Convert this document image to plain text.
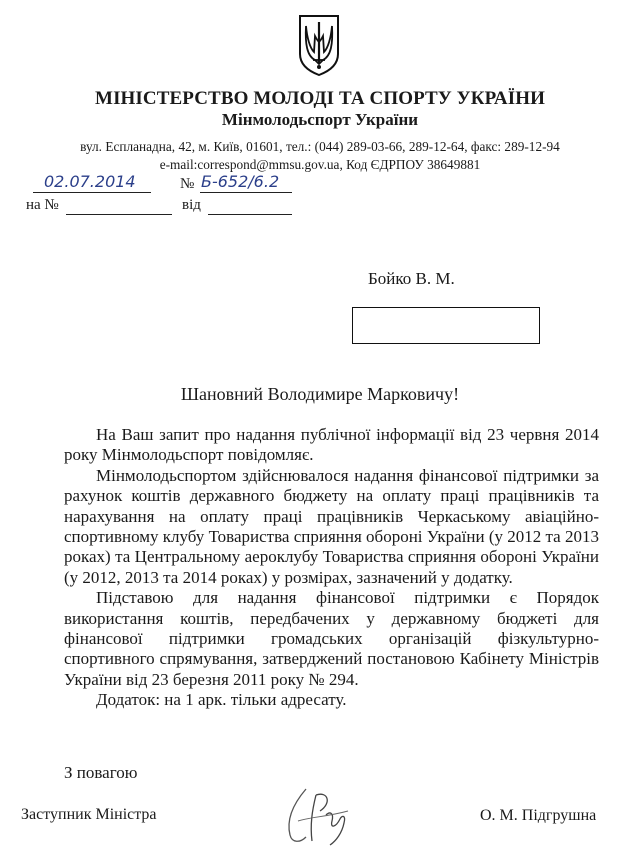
МІНІСТЕРСТВО МОЛОДІ ТА СПОРТУ УКРАЇНИ
Мінмолодьспорт України
вул. Еспланадна, 42, м. Київ, 01601, тел.: (044) 289-03-66, 289-12-64, факс: 289-12-94
e-mail:correspond@mmsu.gov.ua, Код ЄДРПОУ 38649881
02.07.2014	№ Б-652/6.2
на №	від
Бойко В. М.
Шановний Володимире Марковичу!

На Ваш запит про надання публічної інформації від 23 червня 2014 року Мінмолодьспорт повідомляє.

Мінмолодьспортом здійснювалося надання фінансової підтримки за рахунок коштів державного бюджету на оплату праці працівників та нарахування на оплату праці працівників Черкаському авіаційно-спортивному клубу Товариства сприяння обороні України (у 2012 та 2013 роках) та Центральному аероклубу Товариства сприяння обороні України (у 2012, 2013 та 2014 роках) у розмірах, зазначений у додатку.

Підставою для надання фінансової підтримки є Порядок використання коштів, передбачених у державному бюджеті для фінансової підтримки громадських організацій фізкультурно-спортивного спрямування, затверджений постановою Кабінету Міністрів України від 23 березня 2011 року № 294.

Додаток: на 1 арк. тільки адресату.

З повагою
Заступник Міністра	О. М. Підгрушна
